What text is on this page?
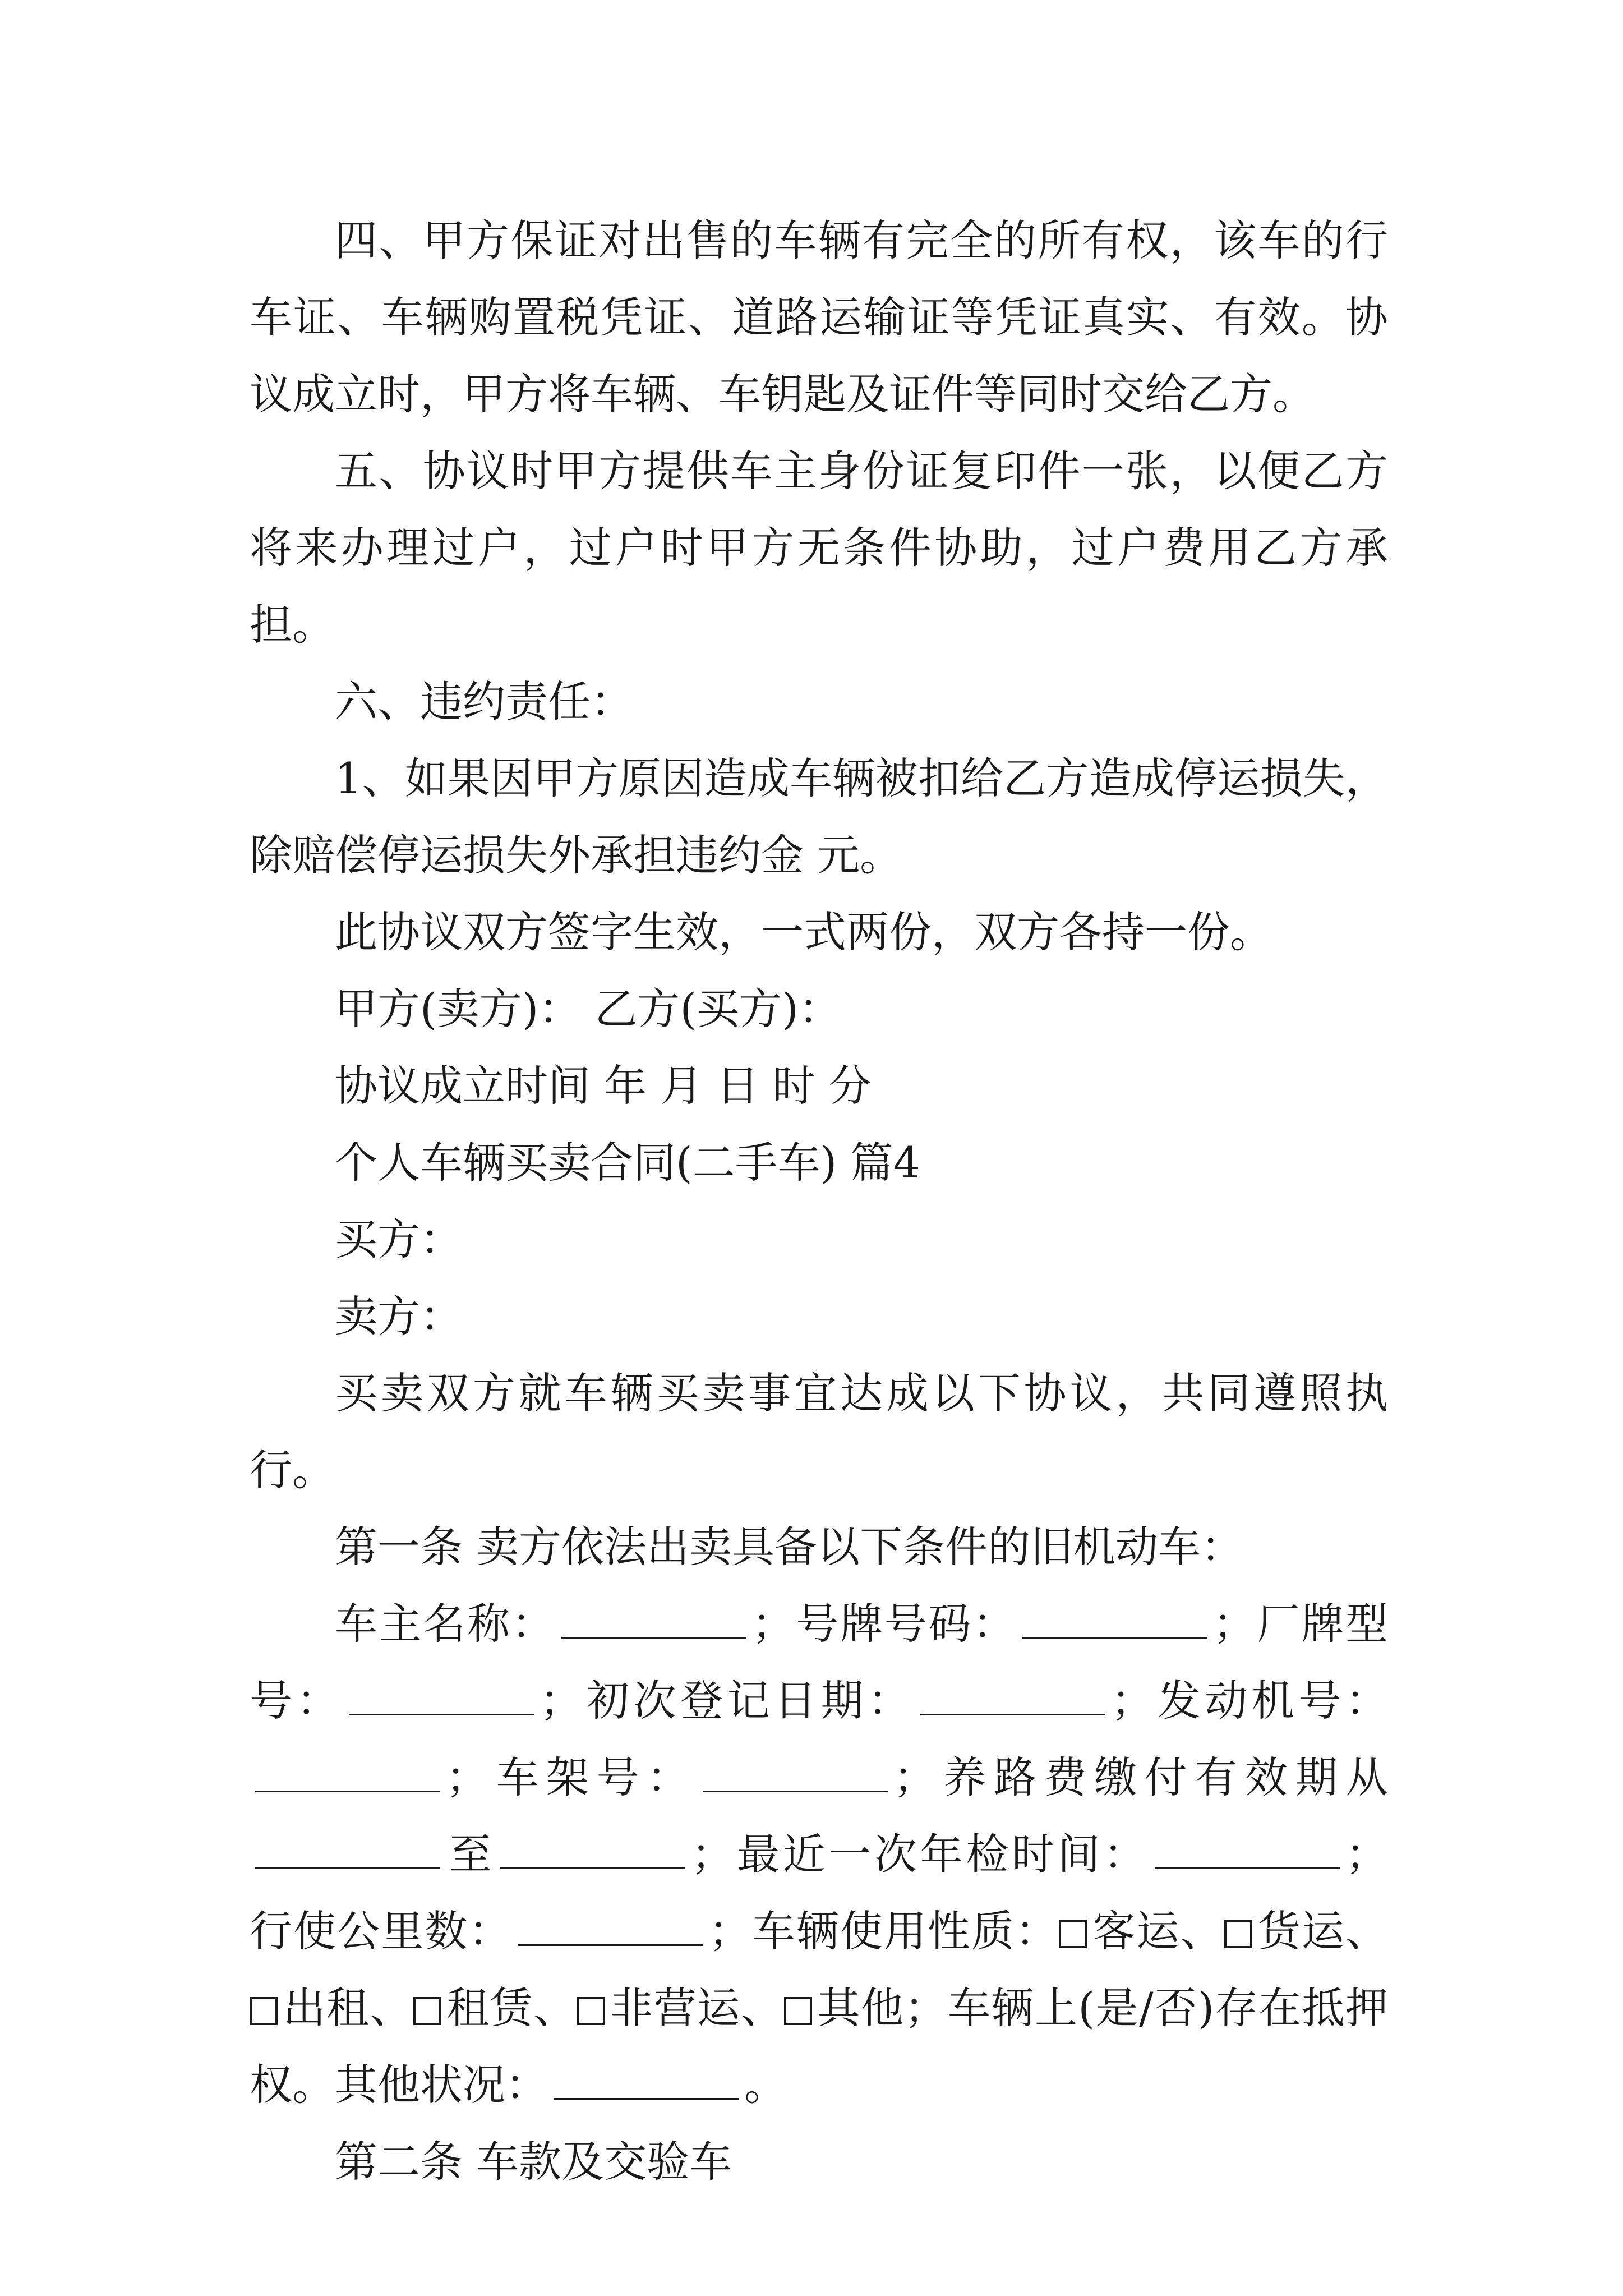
四、甲方保证对出售的车辆有完全的所有权，该车的行车证、车辆购置税凭证、道路运输证等凭证真实、有效。协议成立时，甲方将车辆、车钥匙及证件等同时交给乙方。

五、协议时甲方提供车主身份证复印件一张，以便乙方将来办理过户，过户时甲方无条件协助，过户费用乙方承担。

六、违约责任：

1、如果因甲方原因造成车辆被扣给乙方造成停运损失，除赔偿停运损失外承担违约金 元。

此协议双方签字生效，一式两份，双方各持一份。

甲方(卖方)： 乙方(买方)：

协议成立时间 年 月 日 时 分

个人车辆买卖合同(二手车) 篇4

买方：

卖方：

买卖双方就车辆买卖事宜达成以下协议，共同遵照执行。

第一条 卖方依法出卖具备以下条件的旧机动车：

车主名称：	；号牌号码：	；厂牌型号：	；初次登记日期：	；发动机号：；车架号：	；养路费缴付有效期从至	；最近一次年检时间：	；行使公里数：	；车辆使用性质： 客运、 货运、出租、 租赁、 非营运、 其他；车辆上(是/否)存在抵押权。其他状况：	。

第二条 车款及交验车
